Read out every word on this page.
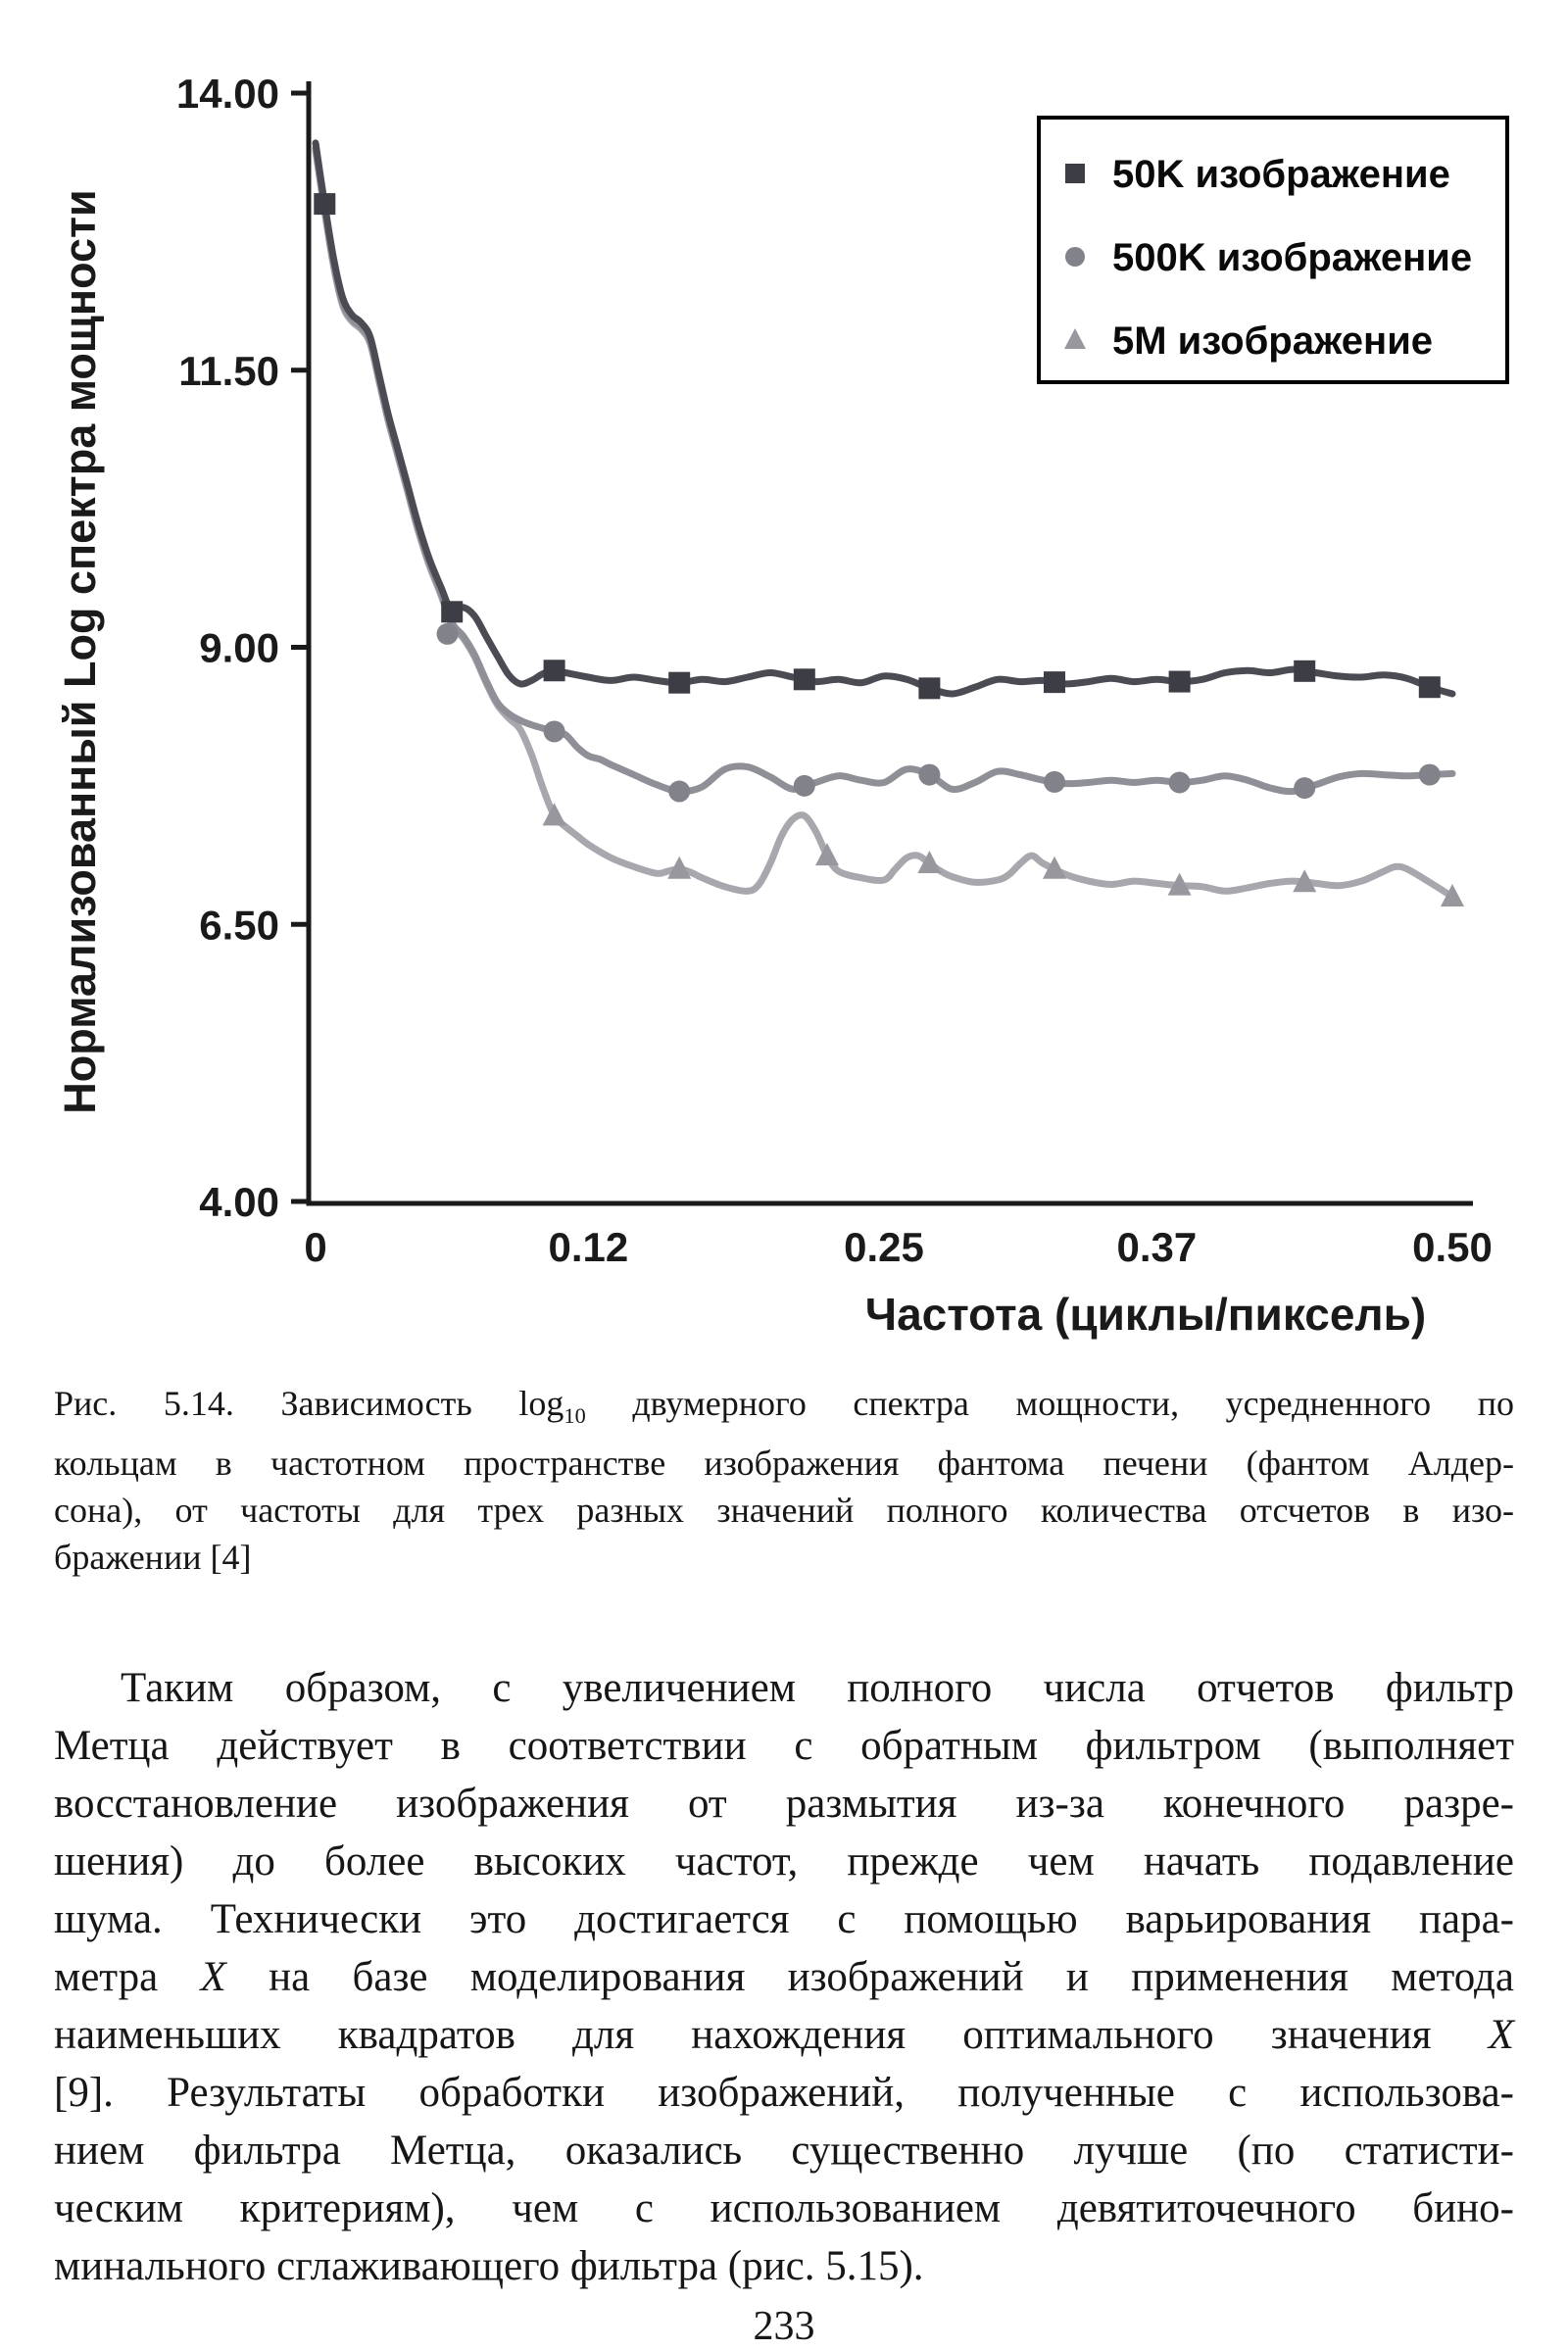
14.00
11.50
9.00
6.50
4.00
0	0.12	0.25	0.37	0.50
Нормализованный Log спектра мощности
Частота (циклы/пиксель)
50K изображение
500K изображение
5M изображение
Рис. 5.14. Зависимость $\log_{10}$ двумерного спектра мощности, усредненного по
кольцам в частотном пространстве изображения фантома печени (фантом Алдер-
сона), от частоты для трех разных значений полного количества отсчетов в изо-
бражении [4]
Таким образом, с увеличением полного числа отчетов фильтр
Метца действует в соответствии с обратным фильтром (выполняет
восстановление изображения от размытия из-за конечного разре-
шения) до более высоких частот, прежде чем начать подавление
шума. Технически это достигается с помощью варьирования пара-
метра X на базе моделирования изображений и применения метода
наименьших квадратов для нахождения оптимального значения X
[9]. Результаты обработки изображений, полученные с использова-
нием фильтра Метца, оказались существенно лучше (по статисти-
ческим критериям), чем с использованием девятиточечного бино-
минального сглаживающего фильтра (рис. 5.15).
233
